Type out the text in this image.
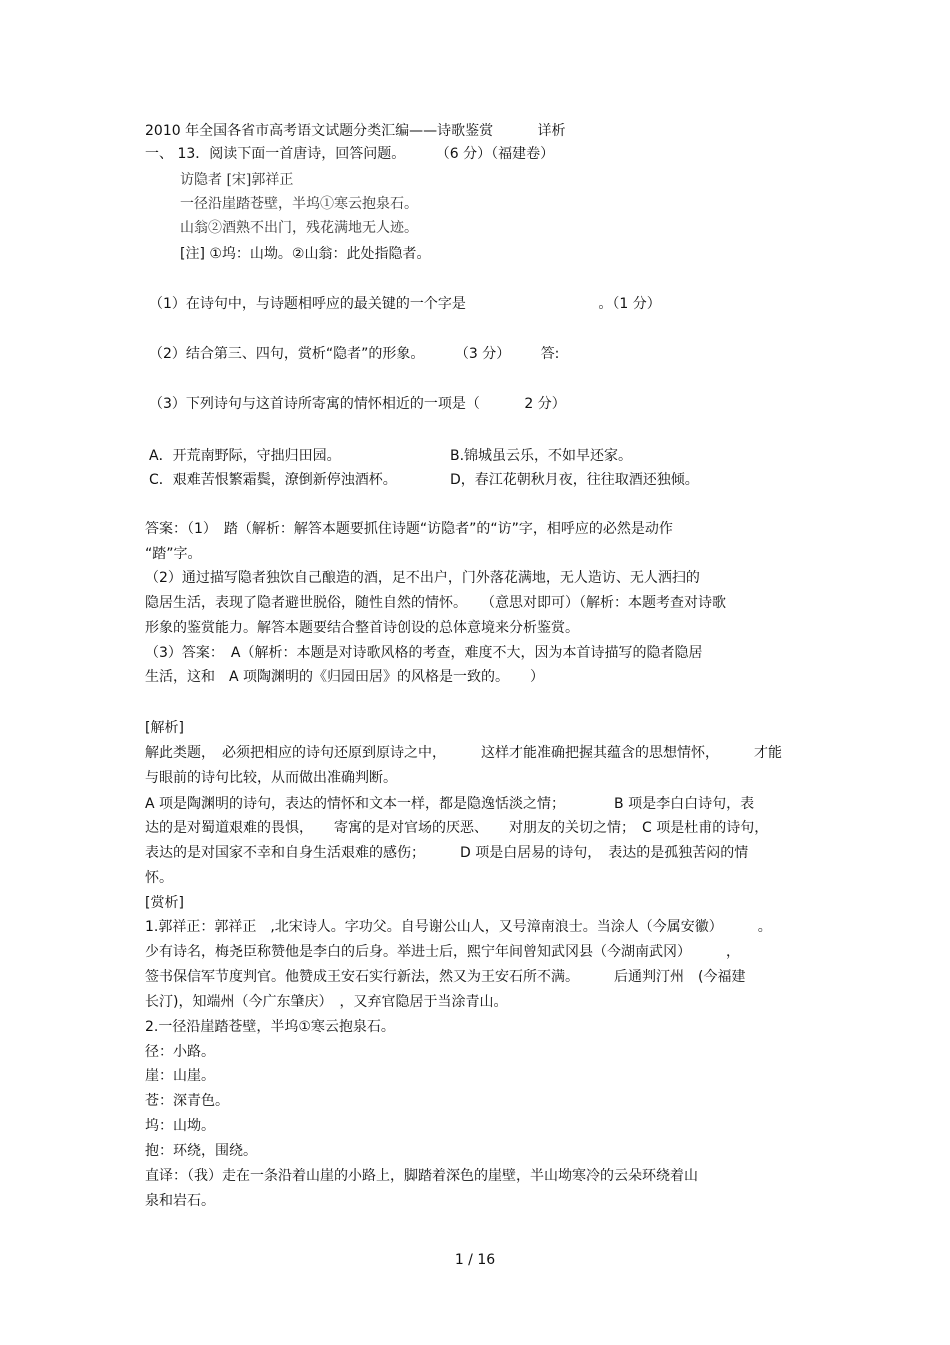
2010 年全国各省市高考语文试题分类汇编——诗歌鉴赏	详析
一、 13．阅读下面一首唐诗，回答问题。 （6 分）（福建卷）
访隐者 [宋]郭祥正
一径沿崖踏苍壁，半坞①寒云抱泉石。
山翁②酒熟不出门，残花满地无人迹。
[注] ①坞：山坳。②山翁：此处指隐者。
（1）在诗句中，与诗题相呼应的最关键的一个字是	。（1 分）
（2）结合第三、四句，赏析“隐者”的形象。 （3 分） 答:
（3）下列诗句与这首诗所寄寓的情怀相近的一项是（	2 分）
A．开荒南野际，守拙归田园。	B.锦城虽云乐，不如早还家。
C．艰难苦恨繁霜鬓，潦倒新停浊酒杯。	D，春江花朝秋月夜，往往取酒还独倾。
答案：（1）　踏（解析：解答本题要抓住诗题“访隐者”的“访”字，相呼应的必然是动作
“踏”字。
（2）通过描写隐者独饮自己酿造的酒，足不出户，门外落花满地，无人造访、无人洒扫的
隐居生活，表现了隐者避世脱俗，随性自然的情怀。　　（意思对即可）（解析：本题考查对诗歌
形象的鉴赏能力。解答本题要结合整首诗创设的总体意境来分析鉴赏。
（3）答案：　A（解析：本题是对诗歌风格的考查，难度不大，因为本首诗描写的隐者隐居
生活，这和　A 项陶渊明的《归园田居》的风格是一致的。　　）
[解析]
解此类题，　必须把相应的诗句还原到原诗之中，　　　这样才能准确把握其蕴含的思想情怀，　　　才能
与眼前的诗句比较，从而做出准确判断。
A 项是陶渊明的诗句，表达的情怀和文本一样，都是隐逸恬淡之情；　　　　B 项是李白白诗句，表
达的是对蜀道艰难的畏惧，　　寄寓的是对官场的厌恶、　　对朋友的关切之情；　C 项是杜甫的诗句，
表达的是对国家不幸和自身生活艰难的感伤；　　　D 项是白居易的诗句，　表达的是孤独苦闷的情
怀。
[赏析]
1.郭祥正：郭祥正　,北宋诗人。字功父。自号谢公山人，又号漳南浪士。当涂人（今属安徽）　　　。
少有诗名，梅尧臣称赞他是李白的后身。举进士后，熙宁年间曾知武冈县（今湖南武冈）　　　，
签书保信军节度判官。他赞成王安石实行新法，然又为王安石所不满。　　　后通判汀州　(今福建
长汀)，知端州（今广东肇庆）　，又弃官隐居于当涂青山。
2.一径沿崖踏苍壁，半坞①寒云抱泉石。
径：小路。
崖：山崖。
苍：深青色。
坞：山坳。
抱：环绕，围绕。
直译：（我）走在一条沿着山崖的小路上，脚踏着深色的崖壁，半山坳寒冷的云朵环绕着山
泉和岩石。
1 / 16
